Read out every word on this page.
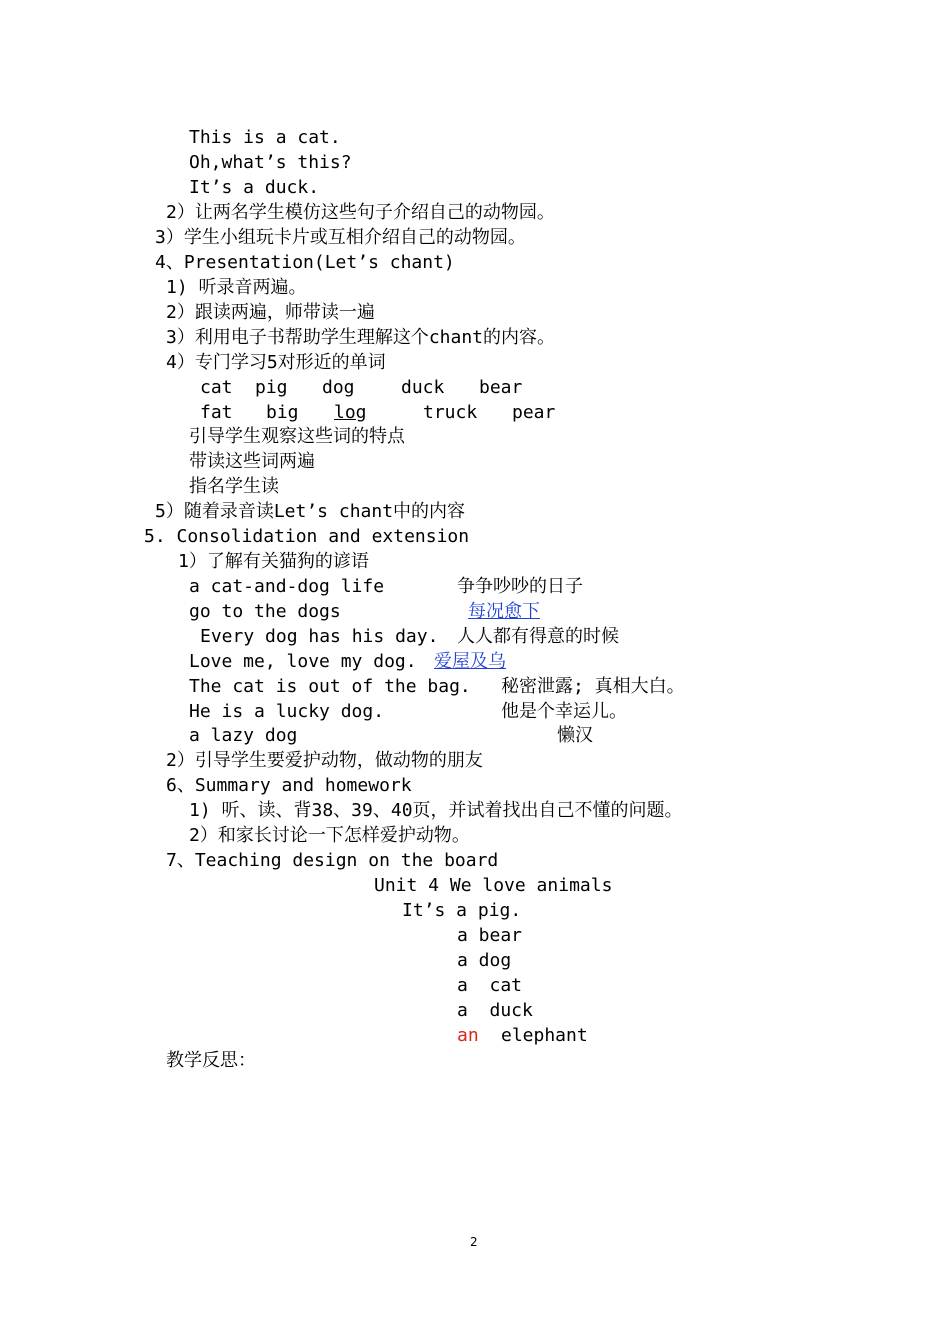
This is a cat.
Oh,what’s this?
It’s a duck.
2）让两名学生模仿这些句子介绍自己的动物园。
3）学生小组玩卡片或互相介绍自己的动物园。
4、Presentation(Let’s chant)
1) 听录音两遍。
2）跟读两遍，师带读一遍
3）利用电子书帮助学生理解这个chant的内容。
4）专门学习5对形近的单词
cat pig dog	duck bear
fat big log	truck pear
引导学生观察这些词的特点
带读这些词两遍
指名学生读
5）随着录音读Let’s chant中的内容
5. Consolidation and extension
1）了解有关猫狗的谚语
a cat-and-dog life	争争吵吵的日子
go to the dogs	每况愈下
Every dog has his day. 人人都有得意的时候
Love me, love my dog. 爱屋及乌
The cat is out of the bag. 秘密泄露; 真相大白。
He is a lucky dog.	他是个幸运儿。
a lazy dog	懒汉
2）引导学生要爱护动物，做动物的朋友
6、Summary and homework
1) 听、读、背38、39、40页，并试着找出自己不懂的问题。
2）和家长讨论一下怎样爱护动物。
7、Teaching design on the board
Unit 4 We love animals
It’s a pig.
a bear
a dog
a  cat
a  duck
an elephant
教学反思：
2
